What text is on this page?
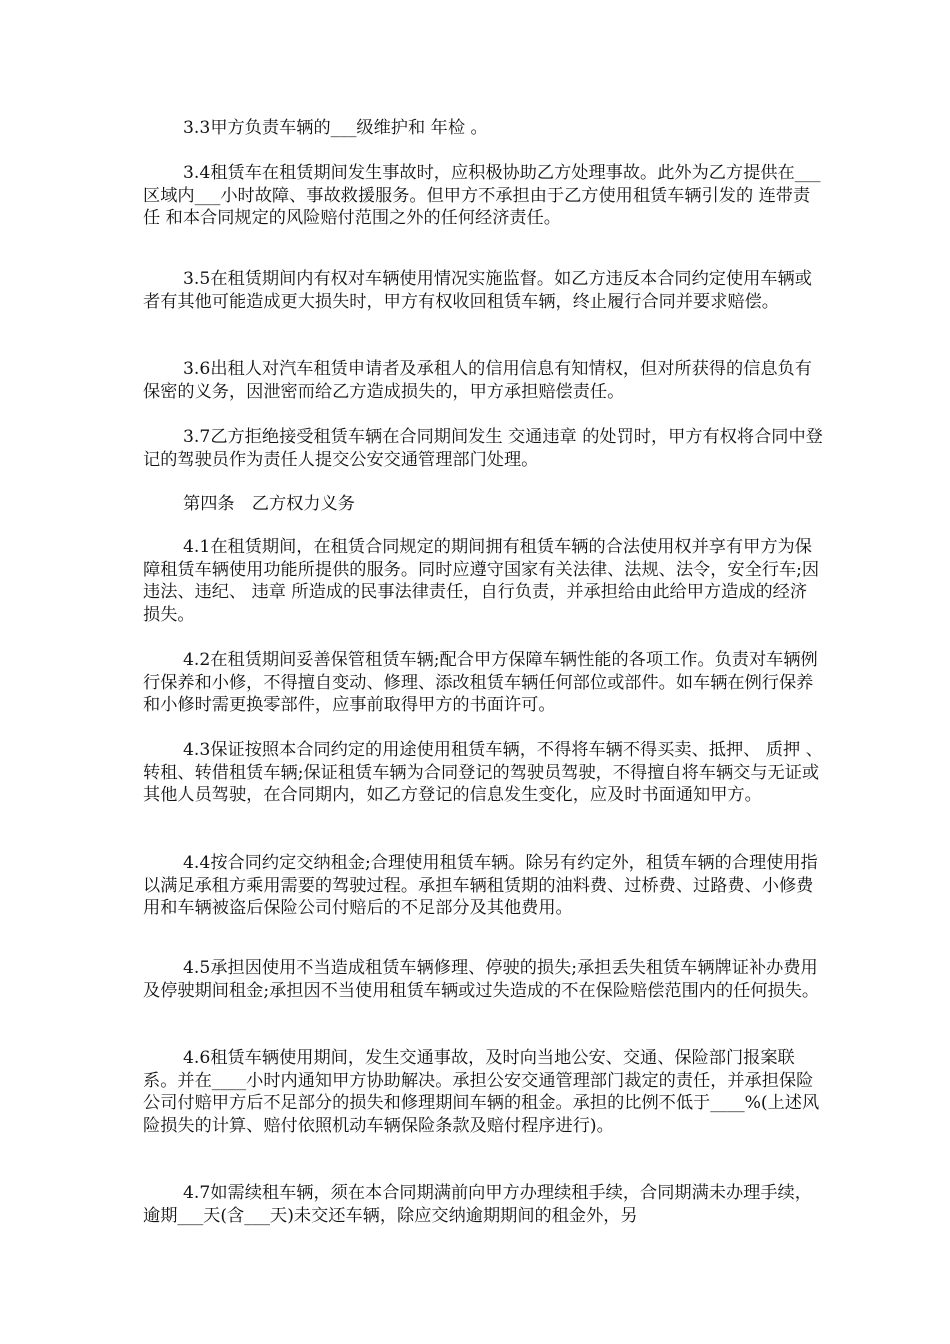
3.3甲方负责车辆的___级维护和 年检 。

3.4租赁车在租赁期间发生事故时，应积极协助乙方处理事故。此外为乙方提供在___区域内___小时故障、事故救援服务。但甲方不承担由于乙方使用租赁车辆引发的 连带责任 和本合同规定的风险赔付范围之外的任何经济责任。

3.5在租赁期间内有权对车辆使用情况实施监督。如乙方违反本合同约定使用车辆或者有其他可能造成更大损失时，甲方有权收回租赁车辆，终止履行合同并要求赔偿。

3.6出租人对汽车租赁申请者及承租人的信用信息有知情权，但对所获得的信息负有保密的义务，因泄密而给乙方造成损失的，甲方承担赔偿责任。

3.7乙方拒绝接受租赁车辆在合同期间发生 交通违章 的处罚时，甲方有权将合同中登记的驾驶员作为责任人提交公安交通管理部门处理。

第四条　乙方权力义务

4.1在租赁期间，在租赁合同规定的期间拥有租赁车辆的合法使用权并享有甲方为保障租赁车辆使用功能所提供的服务。同时应遵守国家有关法律、法规、法令，安全行车;因违法、违纪、 违章 所造成的民事法律责任，自行负责，并承担给由此给甲方造成的经济损失。

4.2在租赁期间妥善保管租赁车辆;配合甲方保障车辆性能的各项工作。负责对车辆例行保养和小修，不得擅自变动、修理、添改租赁车辆任何部位或部件。如车辆在例行保养和小修时需更换零部件，应事前取得甲方的书面许可。

4.3保证按照本合同约定的用途使用租赁车辆，不得将车辆不得买卖、抵押、 质押 、转租、转借租赁车辆;保证租赁车辆为合同登记的驾驶员驾驶，不得擅自将车辆交与无证或其他人员驾驶，在合同期内，如乙方登记的信息发生变化，应及时书面通知甲方。

4.4按合同约定交纳租金;合理使用租赁车辆。除另有约定外，租赁车辆的合理使用指以满足承租方乘用需要的驾驶过程。承担车辆租赁期的油料费、过桥费、过路费、小修费用和车辆被盗后保险公司付赔后的不足部分及其他费用。

4.5承担因使用不当造成租赁车辆修理、停驶的损失;承担丢失租赁车辆牌证补办费用及停驶期间租金;承担因不当使用租赁车辆或过失造成的不在保险赔偿范围内的任何损失。

4.6租赁车辆使用期间，发生交通事故，及时向当地公安、交通、保险部门报案联系。并在____小时内通知甲方协助解决。承担公安交通管理部门裁定的责任，并承担保险公司付赔甲方后不足部分的损失和修理期间车辆的租金。承担的比例不低于____%(上述风险损失的计算、赔付依照机动车辆保险条款及赔付程序进行)。

4.7如需续租车辆，须在本合同期满前向甲方办理续租手续，合同期满未办理手续，逾期___天(含___天)未交还车辆，除应交纳逾期期间的租金外，另
